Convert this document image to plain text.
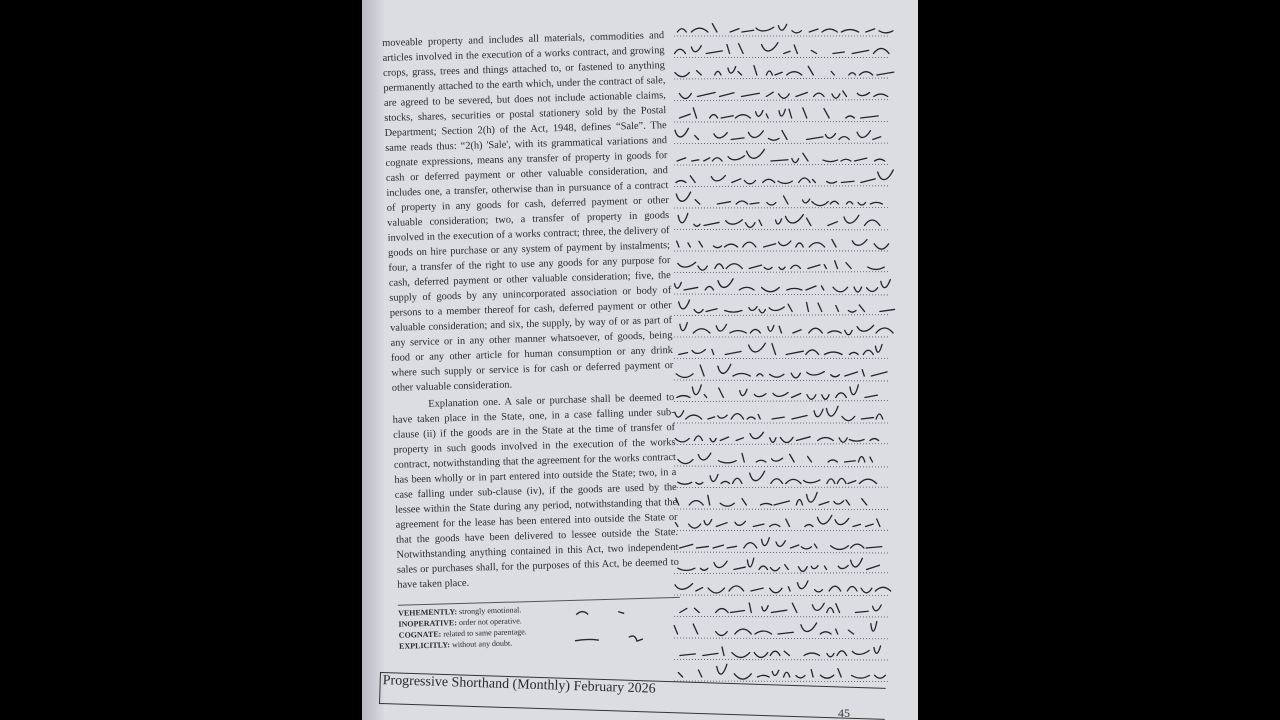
moveable property and includes all materials, commodities and articles involved in the execution of a works contract, and growing crops, grass, trees and things attached to, or fastened to anything permanently attached to the earth which, under the contract of sale, are agreed to be severed, but does not include actionable claims, stocks, shares, securities or postal stationery sold by the Postal Department; Section 2(h) of the Act, 1948, defines “Sale”. The same reads thus: “2(h) 'Sale', with its grammatical variations and cognate expressions, means any transfer of property in goods for cash or deferred payment or other valuable consideration, and includes one, a transfer, otherwise than in pursuance of a contract of property in any goods for cash, deferred payment or other valuable consideration; two, a transfer of property in goods involved in the execution of a works contract; three, the delivery of goods on hire purchase or any system of payment by instalments; four, a transfer of the right to use any goods for any purpose for cash, deferred payment or other valuable consideration; five, the supply of goods by any unincorporated association or body of persons to a member thereof for cash, deferred payment or other valuable consideration; and six, the supply, by way of or as part of any service or in any other manner whatsoever, of goods, being food or any other article for human consumption or any drink where such supply or service is for cash or deferred payment or other valuable consideration.

Explanation one. A sale or purchase shall be deemed to have taken place in the State, one, in a case falling under sub-clause (ii) if the goods are in the State at the time of transfer of property in such goods involved in the execution of the works contract, notwithstanding that the agreement for the works contract has been wholly or in part entered into outside the State; two, in a case falling under sub-clause (iv), if the goods are used by the lessee within the State during any period, notwithstanding that the agreement for the lease has been entered into outside the State or that the goods have been delivered to lessee outside the State. Notwithstanding anything contained in this Act, two independent sales or purchases shall, for the purposes of this Act, be deemed to have taken place.

VEHEMENTLY: strongly emotional.
INOPERATIVE: order not operative.
COGNATE: related to same parentage.
EXPLICITLY: without any doubt.
Progressive Shorthand (Monthly) February 2026
45
